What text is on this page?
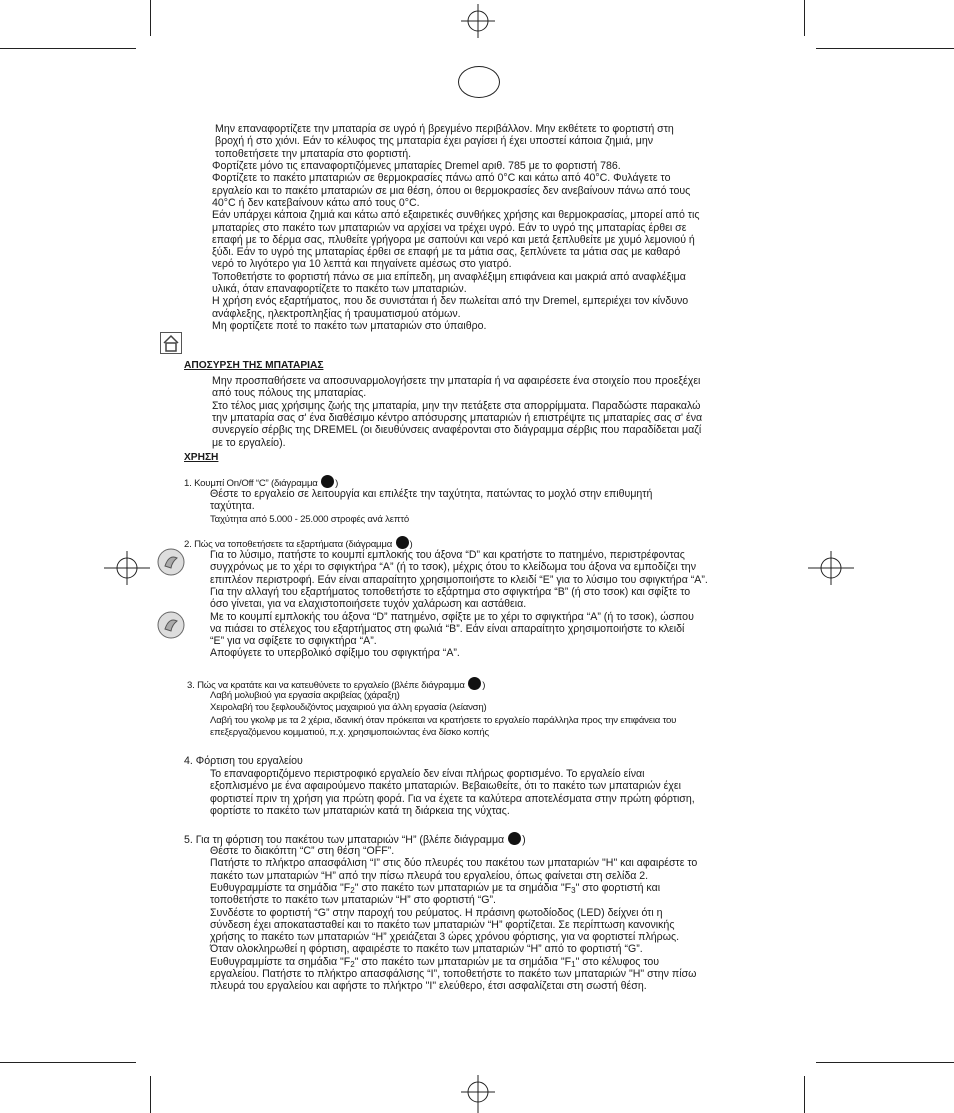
Μην επαναφορτίζετε την μπαταρία σε υγρό ή βρεγμένο περιβάλλον. Μην εκθέτετε το φορτιστή στη
βροχή ή στο χιόνι. Εάν το κέλυφος της μπαταρία έχει ραγίσει ή έχει υποστεί κάποια ζημιά, μην
τοποθετήσετε την μπαταρία στο φορτιστή.
Φορτίζετε μόνο τις επαναφορτιζόμενες μπαταρίες Dremel αριθ. 785 με το φορτιστή 786.
Φορτίζετε το πακέτο μπαταριών σε θερμοκρασίες πάνω από 0°C και κάτω από 40°C. Φυλάγετε το
εργαλείο και το πακέτο μπαταριών σε μια θέση, όπου οι θερμοκρασίες δεν ανεβαίνουν πάνω από τους
40°C ή δεν κατεβαίνουν κάτω από τους 0°C.
Εάν υπάρχει κάποια ζημιά και κάτω από εξαιρετικές συνθήκες χρήσης και θερμοκρασίας, μπορεί από τις
μπαταρίες στο πακέτο των μπαταριών να αρχίσει να τρέχει υγρό. Εάν το υγρό της μπαταρίας έρθει σε
επαφή με το δέρμα σας, πλυθείτε γρήγορα με σαπούνι και νερό και μετά ξεπλυθείτε με χυμό λεμονιού ή
ξύδι. Εάν το υγρό της μπαταρίας έρθει σε επαφή με τα μάτια σας, ξεπλύνετε τα μάτια σας με καθαρό
νερό το λιγότερο για 10 λεπτά και πηγαίνετε αμέσως στο γιατρό.
Τοποθετήστε το φορτιστή πάνω σε μια επίπεδη, μη αναφλέξιμη επιφάνεια και μακριά από αναφλέξιμα
υλικά, όταν επαναφορτίζετε το πακέτο των μπαταριών.
Η χρήση ενός εξαρτήματος, που δε συνιστάται ή δεν πωλείται από την Dremel, εμπεριέχει τον κίνδυνο
ανάφλεξης, ηλεκτροπληξίας ή τραυματισμού ατόμων.
Μη φορτίζετε ποτέ το πακέτο των μπαταριών στο ύπαιθρο.
ΑΠΟΣΥΡΣΗ ΤΗΣ ΜΠΑΤΑΡΙΑΣ
Μην προσπαθήσετε να αποσυναρμολογήσετε την μπαταρία ή να αφαιρέσετε ένα στοιχείο που προεξέχει
από τους πόλους της μπαταρίας.
Στο τέλος μιας χρήσιμης ζωής της μπαταρία, μην την πετάξετε στα απορρίμματα. Παραδώστε παρακαλώ
την μπαταρία σας σ' ένα διαθέσιμο κέντρο απόσυρσης μπαταριών ή επιστρέψτε τις μπαταρίες σας σ' ένα
συνεργείο σέρβις της DREMEL (οι διευθύνσεις αναφέρονται στο διάγραμμα σέρβις που παραδίδεται μαζί
με το εργαλείο).
ΧΡΗΣΗ
1. Κουμπί On/Off “C” (διάγραμμα )
Θέστε το εργαλείο σε λειτουργία και επιλέξτε την ταχύτητα, πατώντας το μοχλό στην επιθυμητή
ταχύτητα.
Ταχύτητα από 5.000 - 25.000 στροφές ανά λεπτό
2. Πώς να τοποθετήσετε τα εξαρτήματα (διάγραμμα )
Για το λύσιμο, πατήστε το κουμπί εμπλοκής του άξονα “D” και κρατήστε το πατημένο, περιστρέφοντας
συγχρόνως με το χέρι το σφιγκτήρα “A” (ή το τσοκ), μέχρις ότου το κλείδωμα του άξονα να εμποδίζει την
επιπλέον περιστροφή. Εάν είναι απαραίτητο χρησιμοποιήστε το κλειδί “E” για το λύσιμο του σφιγκτήρα “A”.
Για την αλλαγή του εξαρτήματος τοποθετήστε το εξάρτημα στο σφιγκτήρα “B” (ή στο τσοκ) και σφίξτε το
όσο γίνεται, για να ελαχιστοποιήσετε τυχόν χαλάρωση και αστάθεια.
Με το κουμπί εμπλοκής του άξονα “D” πατημένο, σφίξτε με το χέρι το σφιγκτήρα “A” (ή το τσοκ), ώσπου
να πιάσει το στέλεχος του εξαρτήματος στη φωλιά “B”. Εάν είναι απαραίτητο χρησιμοποιήστε το κλειδί
“E” για να σφίξετε το σφιγκτήρα “A”.
Αποφύγετε το υπερβολικό σφίξιμο του σφιγκτήρα “A”.
3. Πώς να κρατάτε και να κατευθύνετε το εργαλείο (βλέπε διάγραμμα )
Λαβή μολυβιού για εργασία ακριβείας (χάραξη)
Χειρολαβή του ξεφλουδιζόντος μαχαιριού για άλλη εργασία (λείανση)
Λαβή του γκολφ με τα 2 χέρια, ιδανική όταν πρόκειται να κρατήσετε το εργαλείο παράλληλα προς την επιφάνεια του
επεξεργαζόμενου κομματιού, π.χ. χρησιμοποιώντας ένα δίσκο κοπής
4. Φόρτιση του εργαλείου
Το επαναφορτιζόμενο περιστροφικό εργαλείο δεν είναι πλήρως φορτισμένο. Το εργαλείο είναι
εξοπλισμένο με ένα αφαιρούμενο πακέτο μπαταριών. Βεβαιωθείτε, ότι το πακέτο των μπαταριών έχει
φορτιστεί πριν τη χρήση για πρώτη φορά. Για να έχετε τα καλύτερα αποτελέσματα στην πρώτη φόρτιση,
φορτίστε το πακέτο των μπαταριών κατά τη διάρκεια της νύχτας.
5. Για τη φόρτιση του πακέτου των μπαταριών “H” (βλέπε διάγραμμα )
Θέστε το διακόπτη “C” στη θέση “OFF”.
Πατήστε το πλήκτρο απασφάλιση “I” στις δύο πλευρές του πακέτου των μπαταριών "H" και αφαιρέστε το
πακέτο των μπαταριών “H” από την πίσω πλευρά του εργαλείου, όπως φαίνεται στη σελίδα 2.
Ευθυγραμμίστε τα σημάδια "$F_2$" στο πακέτο των μπαταριών με τα σημάδια "$F_3$" στο φορτιστή και
τοποθετήστε το πακέτο των μπαταριών “H” στο φορτιστή “G”.
Συνδέστε το φορτιστή “G” στην παροχή του ρεύματος. Η πράσινη φωτοδίοδος (LED) δείχνει ότι η
σύνδεση έχει αποκατασταθεί και το πακέτο των μπαταριών “H” φορτίζεται. Σε περίπτωση κανονικής
χρήσης το πακέτο των μπαταριών “H” χρειάζεται 3 ώρες χρόνου φόρτισης, για να φορτιστεί πλήρως.
Όταν ολοκληρωθεί η φόρτιση, αφαιρέστε το πακέτο των μπαταριών “H” από το φορτιστή “G”.
Ευθυγραμμίστε τα σημάδια "$F_2$" στο πακέτο των μπαταριών με τα σημάδια "$F_1$" στο κέλυφος του
εργαλείου. Πατήστε το πλήκτρο απασφάλισης “I”, τοποθετήστε το πακέτο των μπαταριών "H" στην πίσω
πλευρά του εργαλείου και αφήστε το πλήκτρο "I" ελεύθερο, έτσι ασφαλίζεται στη σωστή θέση.
